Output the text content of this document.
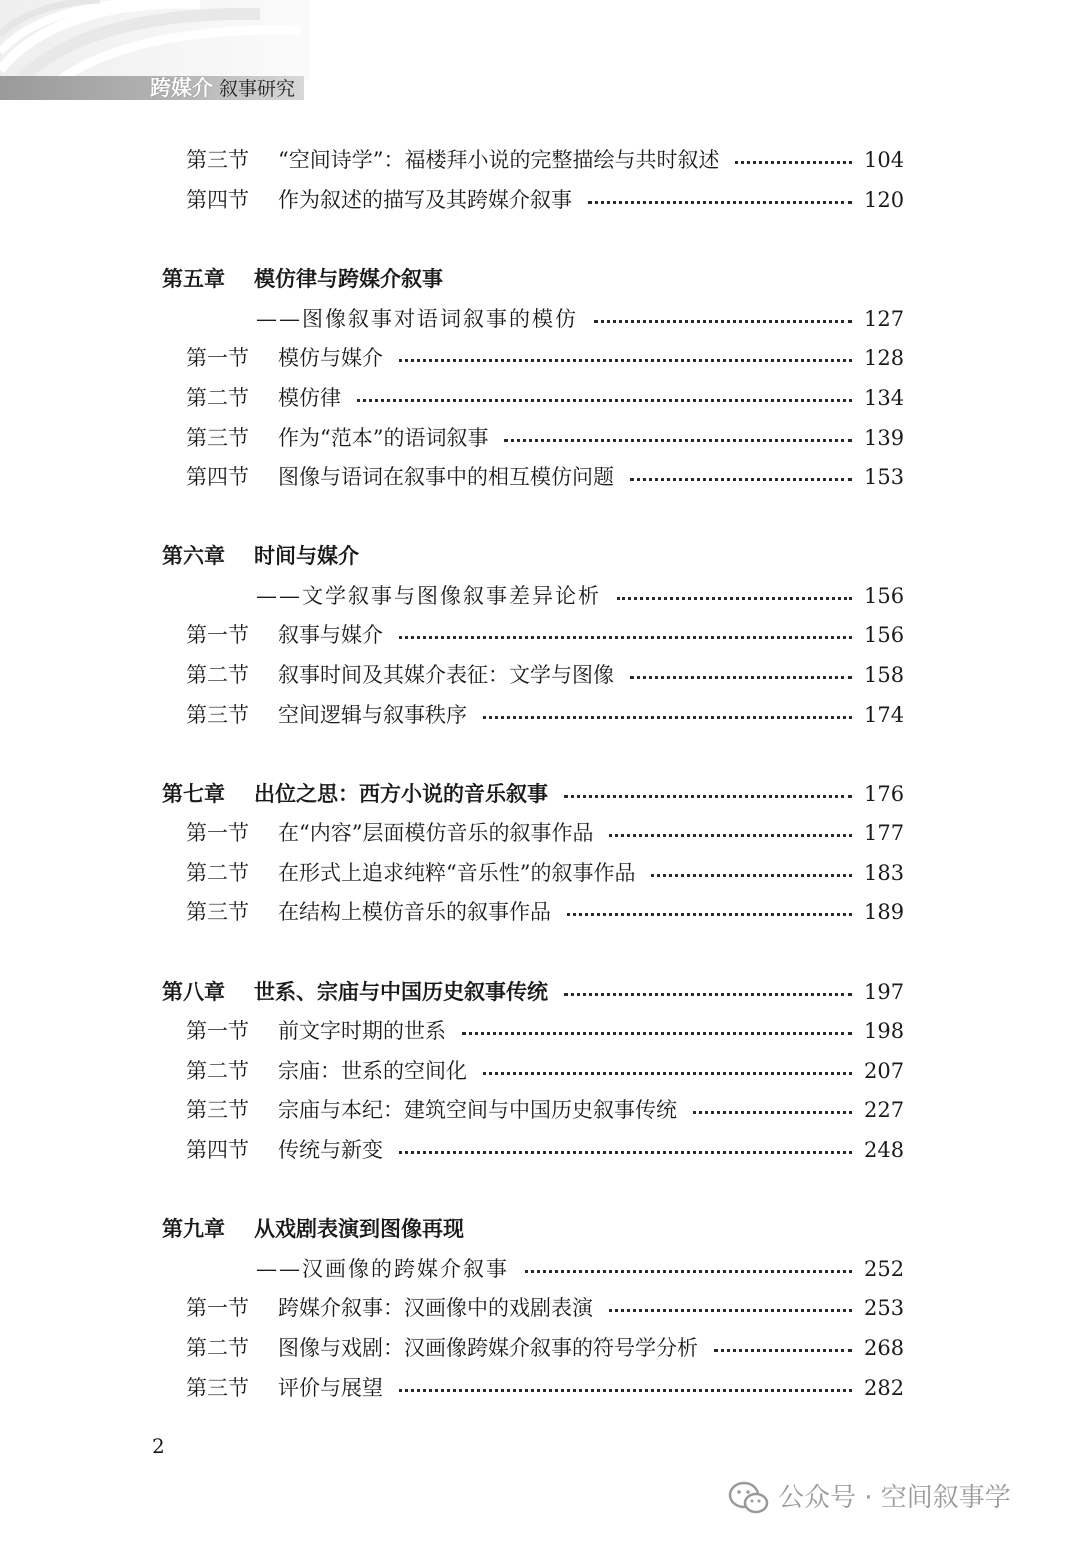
跨媒介 叙事研究
第三节	“空间诗学”：福楼拜小说的完整描绘与共时叙述	104
第四节	作为叙述的描写及其跨媒介叙事	120
第五章	模仿律与跨媒介叙事
——图像叙事对语词叙事的模仿	127
第一节	模仿与媒介	128
第二节	模仿律	134
第三节	作为“范本”的语词叙事	139
第四节	图像与语词在叙事中的相互模仿问题	153
第六章	时间与媒介
——文学叙事与图像叙事差异论析	156
第一节	叙事与媒介	156
第二节	叙事时间及其媒介表征：文学与图像	158
第三节	空间逻辑与叙事秩序	174
第七章	出位之思：西方小说的音乐叙事	176
第一节	在“内容”层面模仿音乐的叙事作品	177
第二节	在形式上追求纯粹“音乐性”的叙事作品	183
第三节	在结构上模仿音乐的叙事作品	189
第八章	世系、宗庙与中国历史叙事传统	197
第一节	前文字时期的世系	198
第二节	宗庙：世系的空间化	207
第三节	宗庙与本纪：建筑空间与中国历史叙事传统	227
第四节	传统与新变	248
第九章	从戏剧表演到图像再现
——汉画像的跨媒介叙事	252
第一节	跨媒介叙事：汉画像中的戏剧表演	253
第二节	图像与戏剧：汉画像跨媒介叙事的符号学分析	268
第三节	评价与展望	282
2
公众号 · 空间叙事学
